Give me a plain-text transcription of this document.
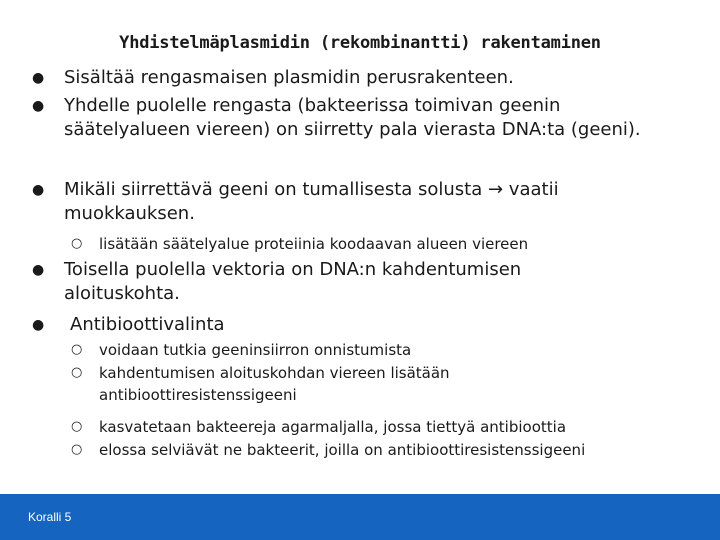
Yhdistelmäplasmidin (rekombinantti) rakentaminen
● Sisältää rengasmaisen plasmidin perusrakenteen.
● Yhdelle puolelle rengasta (bakteerissa toimivan geenin säätelyalueen viereen) on siirretty pala vierasta DNA:ta (geeni).
● Mikäli siirrettävä geeni on tumallisesta solusta → vaatii muokkauksen.
○ lisätään säätelyalue proteiinia koodaavan alueen viereen
● Toisella puolella vektoria on DNA:n kahdentumisen aloituskohta.
● Antibioottivalinta
○ voidaan tutkia geeninsiirron onnistumista
○ kahdentumisen aloituskohdan viereen lisätään antibioottiresistenssigeeni
○ kasvatetaan bakteereja agarmaljalla, jossa tiettyä antibioottia
○ elossa selviävät ne bakteerit, joilla on antibioottiresistenssigeeni
Koralli 5
